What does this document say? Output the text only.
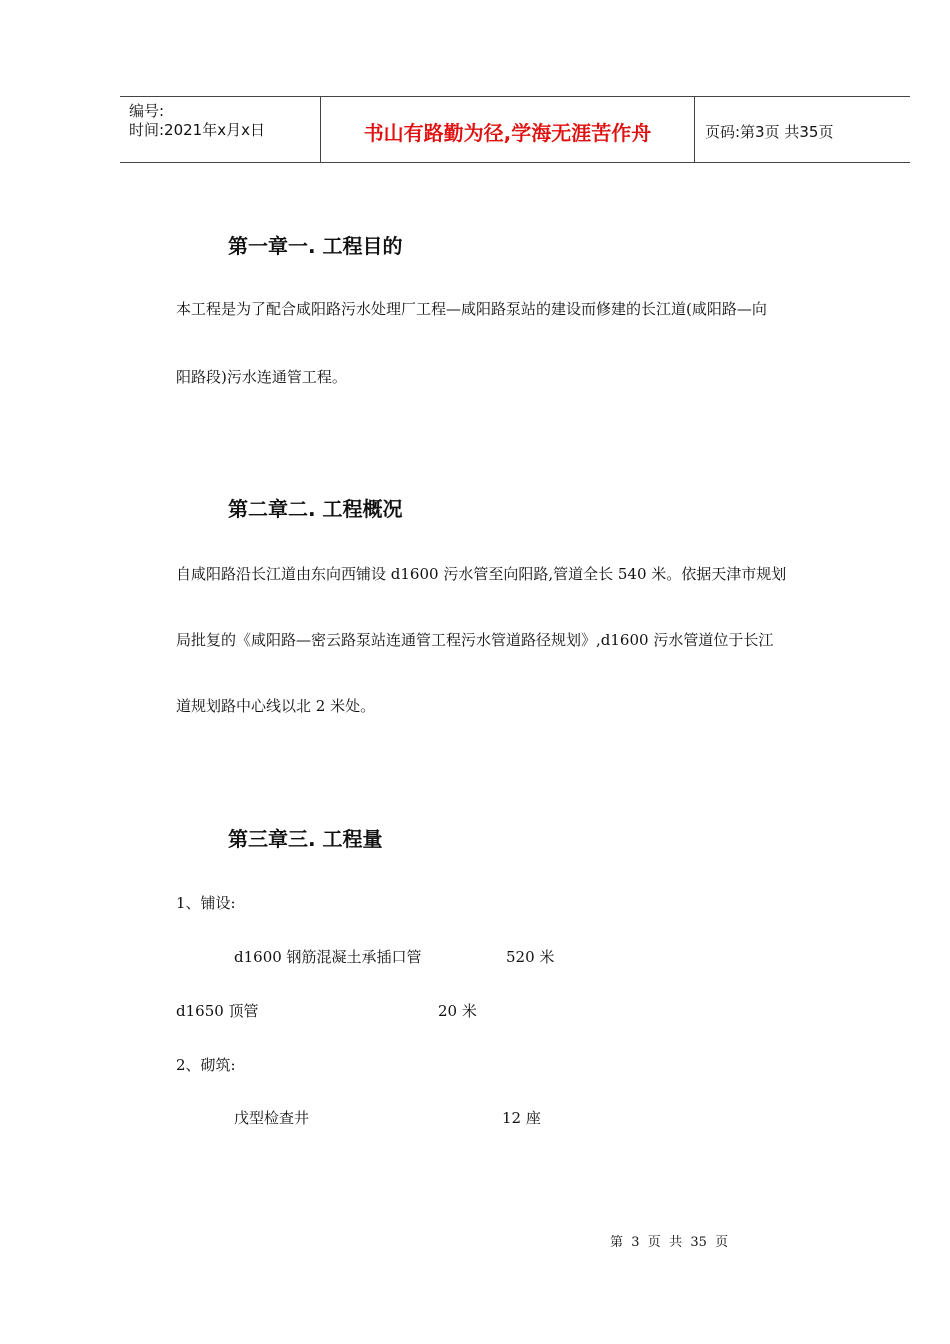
编号:
时间:2021年x月x日	书山有路勤为径,学海无涯苦作舟	页码:第3页 共35页
第一章一. 工程目的
本工程是为了配合咸阳路污水处理厂工程—咸阳路泵站的建设而修建的长江道(咸阳路—向
阳路段)污水连通管工程。
第二章二. 工程概况
自咸阳路沿长江道由东向西铺设 d1600 污水管至向阳路,管道全长 540 米。依据天津市规划
局批复的《咸阳路—密云路泵站连通管工程污水管道路径规划》,d1600 污水管道位于长江
道规划路中心线以北 2 米处。
第三章三. 工程量
1、铺设:
d1600 钢筋混凝土承插口管	520 米
d1650 顶管	20 米
2、砌筑:
戊型检查井	12 座
第  3  页  共  35  页
